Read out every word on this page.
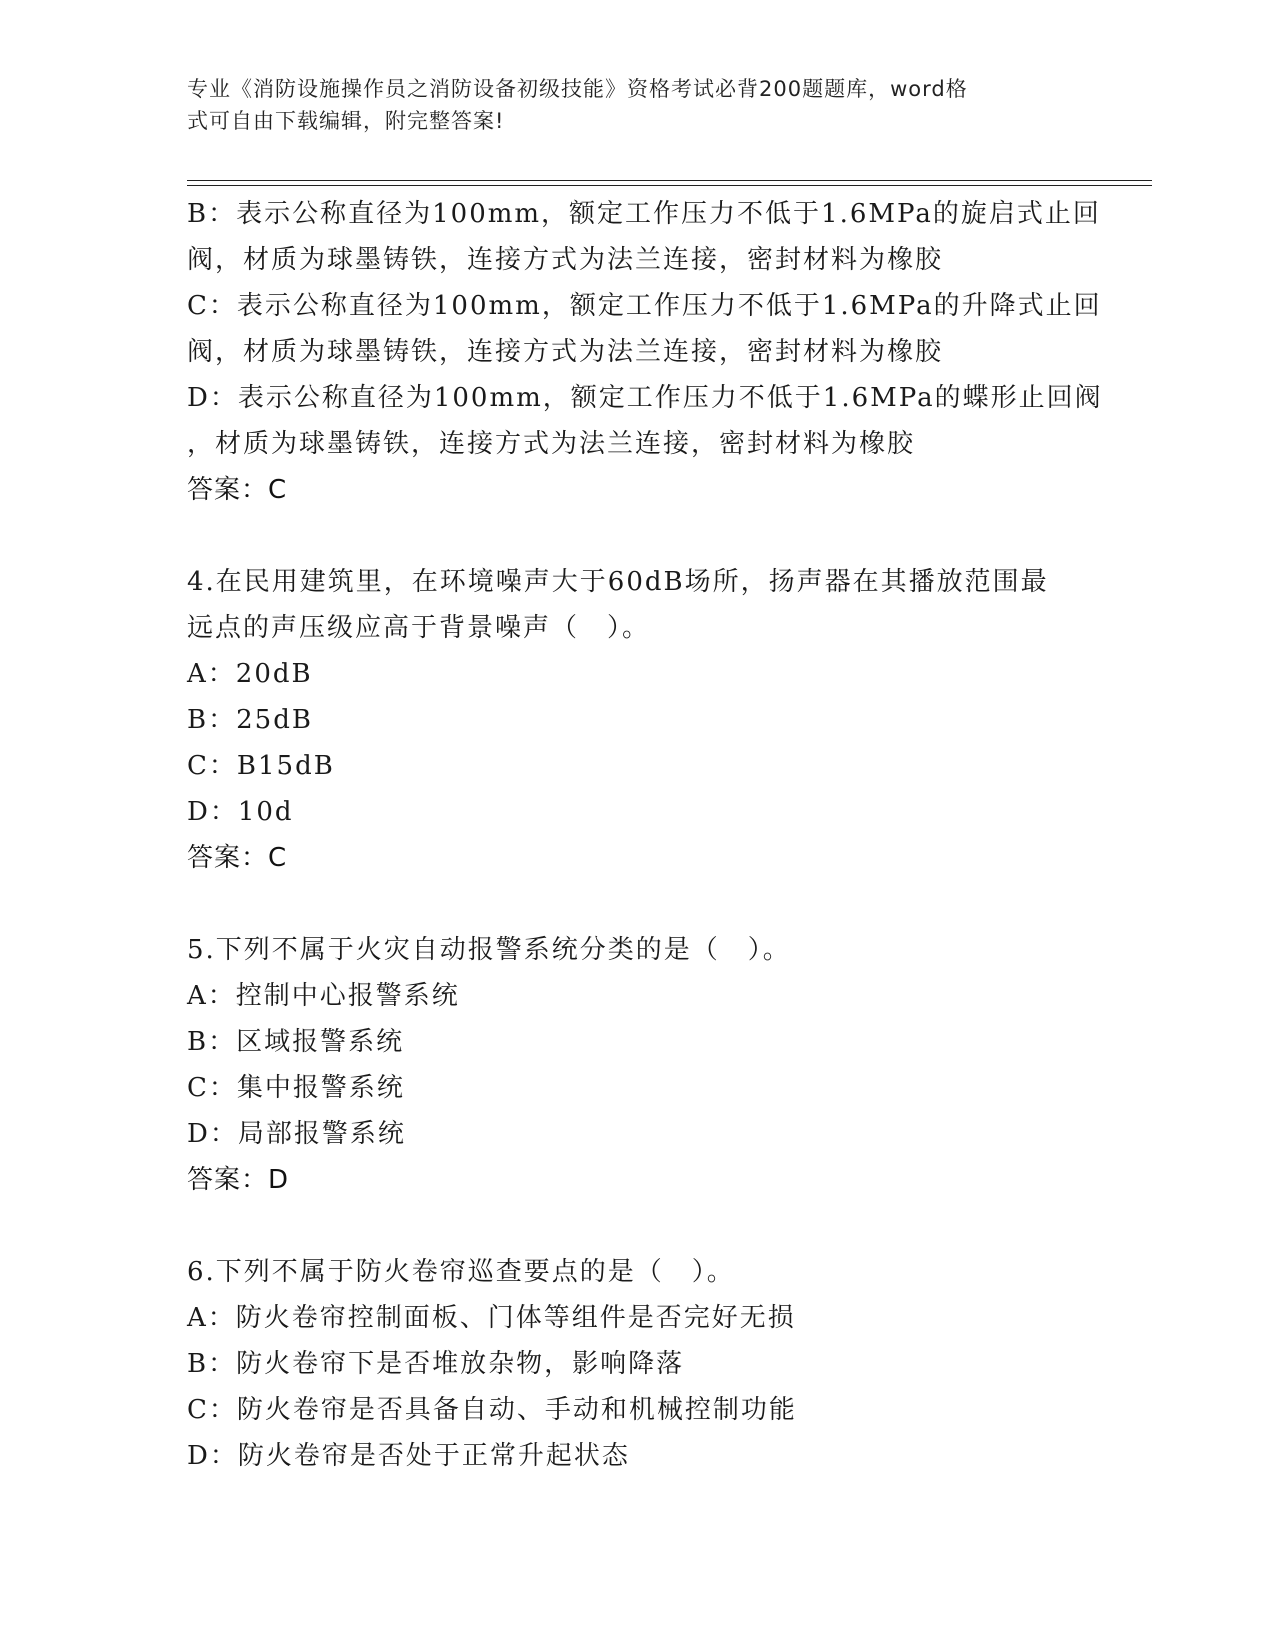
专业《消防设施操作员之消防设备初级技能》资格考试必背200题题库，word格
式可自由下载编辑，附完整答案!
B：表示公称直径为100mm，额定工作压力不低于1.6MPa的旋启式止回
阀，材质为球墨铸铁，连接方式为法兰连接，密封材料为橡胶
C：表示公称直径为100mm，额定工作压力不低于1.6MPa的升降式止回
阀，材质为球墨铸铁，连接方式为法兰连接，密封材料为橡胶
D：表示公称直径为100mm，额定工作压力不低于1.6MPa的蝶形止回阀
，材质为球墨铸铁，连接方式为法兰连接，密封材料为橡胶
答案：C
4.在民用建筑里，在环境噪声大于60dB场所，扬声器在其播放范围最
远点的声压级应高于背景噪声（　）。
A：20dB
B：25dB
C：B15dB
D：10d
答案：C
5.下列不属于火灾自动报警系统分类的是（　）。
A：控制中心报警系统
B：区域报警系统
C：集中报警系统
D：局部报警系统
答案：D
6.下列不属于防火卷帘巡查要点的是（　）。
A：防火卷帘控制面板、门体等组件是否完好无损
B：防火卷帘下是否堆放杂物，影响降落
C：防火卷帘是否具备自动、手动和机械控制功能
D：防火卷帘是否处于正常升起状态
